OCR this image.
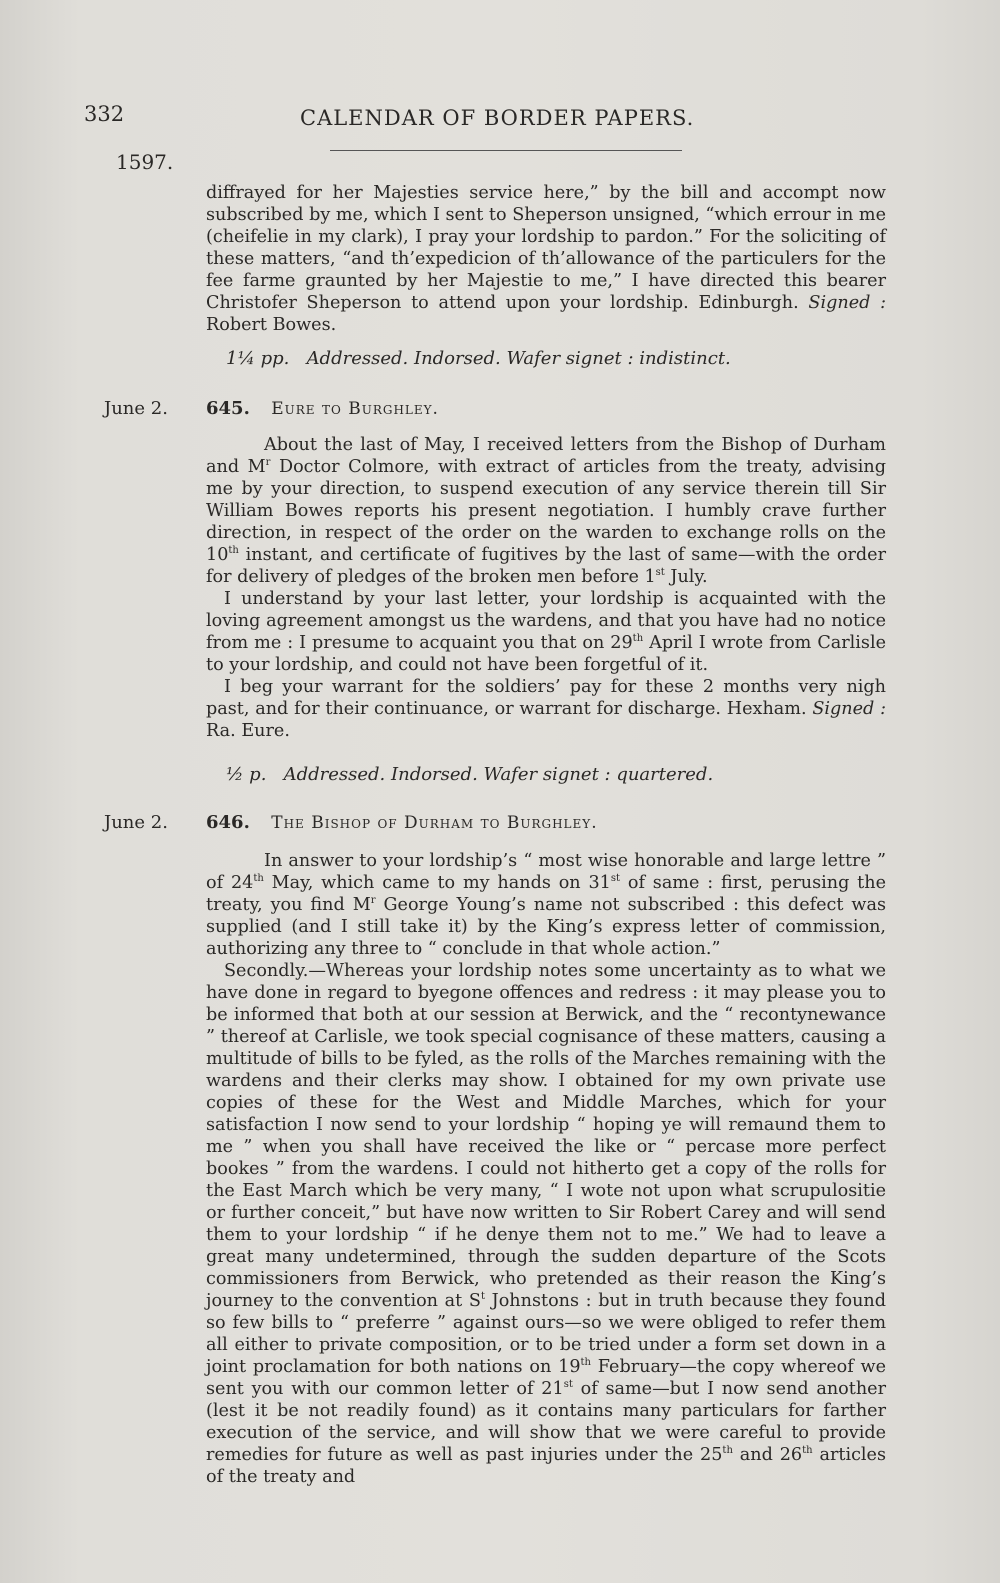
332	CALENDAR OF BORDER PAPERS.
1597.

diffrayed for her Majesties service here,” by the bill and accompt now subscribed by me, which I sent to Sheperson unsigned, “which errour in me (cheifelie in my clark), I pray your lordship to pardon.” For the soliciting of these matters, “and th’expedicion of th’allowance of the particulers for the fee farme graunted by her Majestie to me,” I have directed this bearer Christofer Sheperson to attend upon your lordship. Edinburgh. Signed : Robert Bowes.

1¼ pp. Addressed. Indorsed. Wafer signet : indistinct.
June 2. 645. Eure to Burghley.

About the last of May, I received letters from the Bishop of Durham and $M^r$ Doctor Colmore, with extract of articles from the treaty, advising me by your direction, to suspend execution of any service therein till Sir William Bowes reports his present negotiation. I humbly crave further direction, in respect of the order on the warden to exchange rolls on the 10th instant, and certificate of fugitives by the last of same—with the order for delivery of pledges of the broken men before 1st July.

I understand by your last letter, your lordship is acquainted with the loving agreement amongst us the wardens, and that you have had no notice from me : I presume to acquaint you that on 29th April I wrote from Carlisle to your lordship, and could not have been forgetful of it.

I beg your warrant for the soldiers’ pay for these 2 months very nigh past, and for their continuance, or warrant for discharge. Hexham. Signed : Ra. Eure.

½ p. Addressed. Indorsed. Wafer signet : quartered.
June 2. 646. The Bishop of Durham to Burghley.

In answer to your lordship’s “ most wise honorable and large lettre ” of 24th May, which came to my hands on 31st of same : first, perusing the treaty, you find $M^r$ George Young’s name not subscribed : this defect was supplied (and I still take it) by the King’s express letter of commission, authorizing any three to “ conclude in that whole action.”

Secondly.—Whereas your lordship notes some uncertainty as to what we have done in regard to byegone offences and redress : it may please you to be informed that both at our session at Berwick, and the “ recontynewance ” thereof at Carlisle, we took special cognisance of these matters, causing a multitude of bills to be fyled, as the rolls of the Marches remaining with the wardens and their clerks may show. I obtained for my own private use copies of these for the West and Middle Marches, which for your satisfaction I now send to your lordship “ hoping ye will remaund them to me ” when you shall have received the like or “ percase more perfect bookes ” from the wardens. I could not hitherto get a copy of the rolls for the East March which be very many, “ I wote not upon what scrupulositie or further conceit,” but have now written to Sir Robert Carey and will send them to your lordship “ if he denye them not to me.” We had to leave a great many undetermined, through the sudden departure of the Scots commissioners from Berwick, who pretended as their reason the King’s journey to the convention at $S^t$ Johnstons : but in truth because they found so few bills to “ preferre ” against ours—so we were obliged to refer them all either to private composition, or to be tried under a form set down in a joint proclamation for both nations on 19th February—the copy whereof we sent you with our common letter of 21st of same—but I now send another (lest it be not readily found) as it contains many particulars for farther execution of the service, and will show that we were careful to provide remedies for future as well as past injuries under the 25th and 26th articles of the treaty and
